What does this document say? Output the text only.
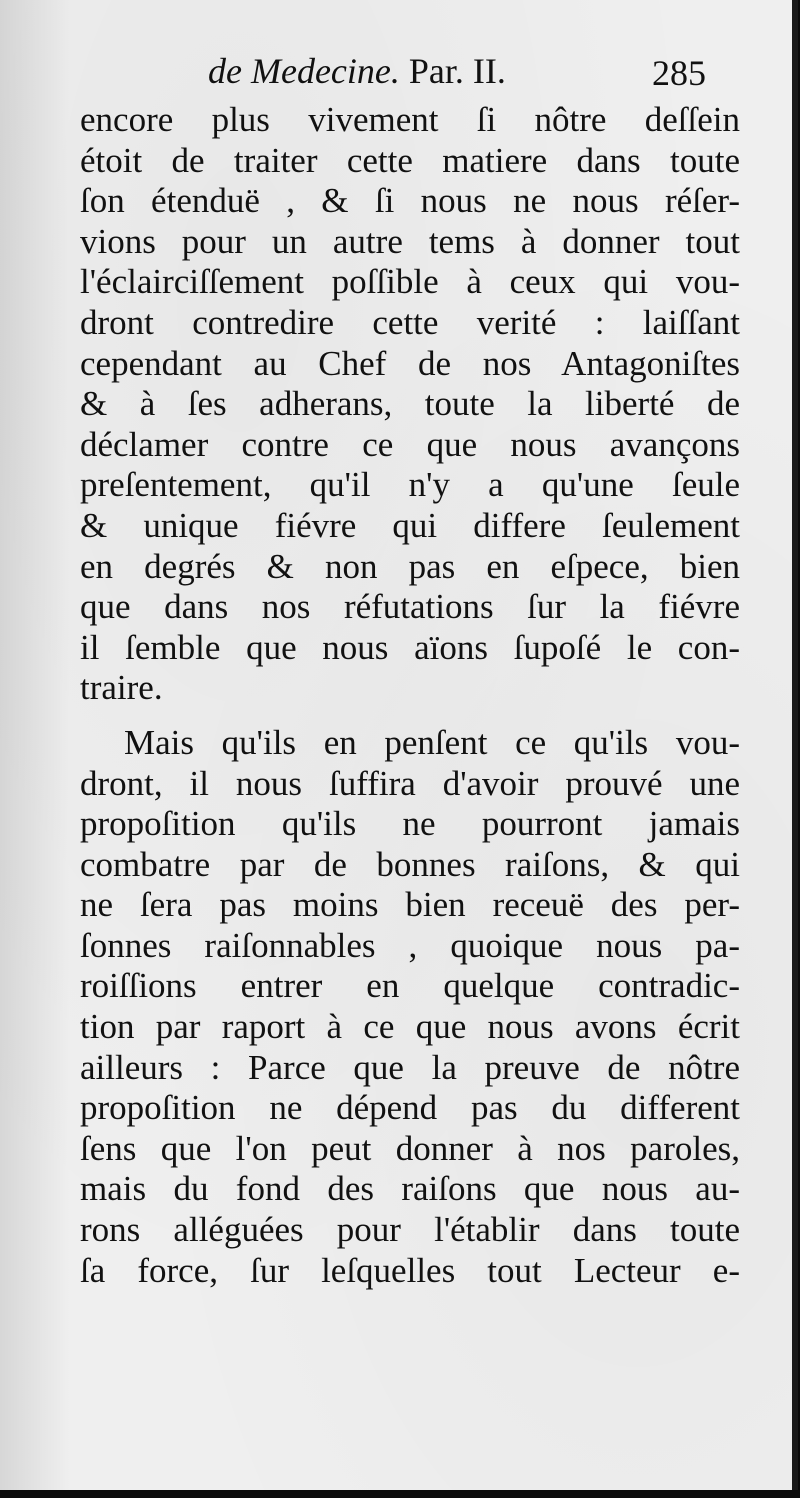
de Medecine. Par. II.	285
encore plus vivement ſi nôtre deſſein
étoit de traiter cette matiere dans toute
ſon étenduë , & ſi nous ne nous réſer-
vions pour un autre tems à donner tout
l'éclairciſſement poſſible à ceux qui vou-
dront contredire cette verité : laiſſant
cependant au Chef de nos Antagoniſtes
& à ſes adherans, toute la liberté de
déclamer contre ce que nous avançons
preſentement, qu'il n'y a qu'une ſeule
& unique fiévre qui differe ſeulement
en degrés & non pas en eſpece, bien
que dans nos réfutations ſur la fiévre
il ſemble que nous aïons ſupoſé le con-
traire.
Mais qu'ils en penſent ce qu'ils vou-
dront, il nous ſuffira d'avoir prouvé une
propoſition qu'ils ne pourront jamais
combatre par de bonnes raiſons, & qui
ne ſera pas moins bien receuë des per-
ſonnes raiſonnables , quoique nous pa-
roiſſions entrer en quelque contradic-
tion par raport à ce que nous avons écrit
ailleurs : Parce que la preuve de nôtre
propoſition ne dépend pas du different
ſens que l'on peut donner à nos paroles,
mais du fond des raiſons que nous au-
rons alléguées pour l'établir dans toute
ſa force, ſur leſquelles tout Lecteur e-
